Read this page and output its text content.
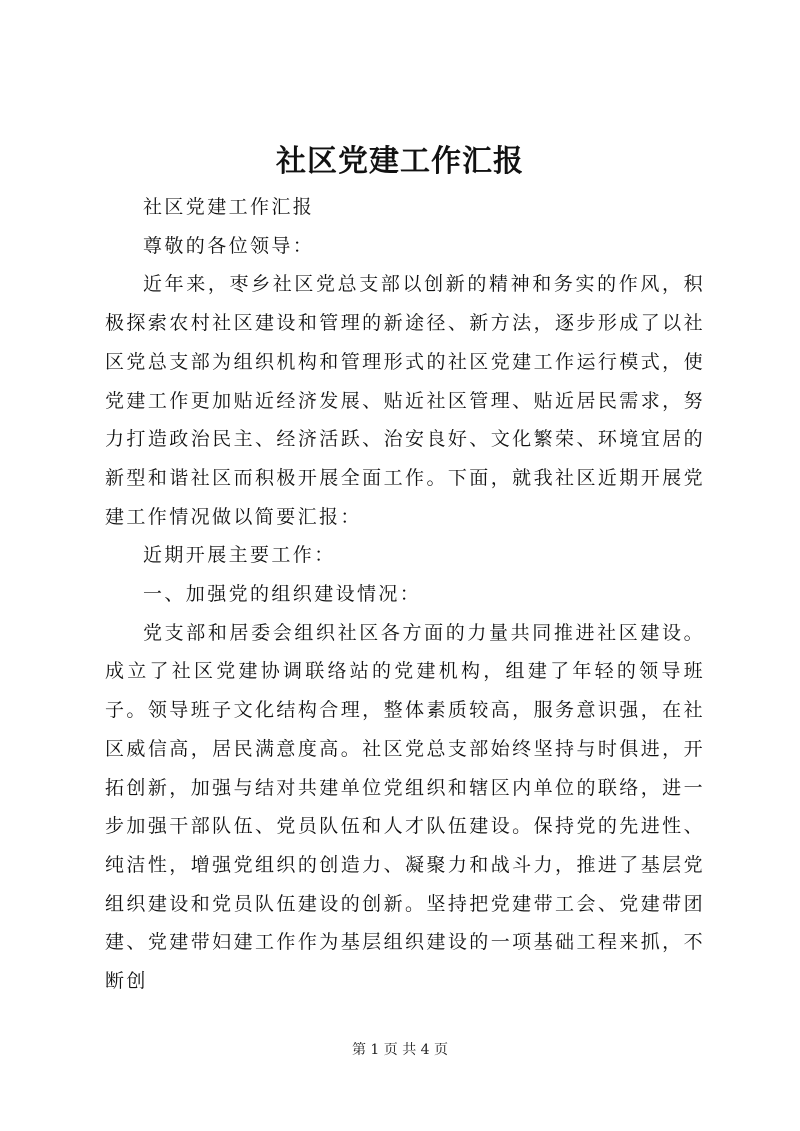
社区党建工作汇报

社区党建工作汇报

尊敬的各位领导：

近年来，枣乡社区党总支部以创新的精神和务实的作风，积极探索农村社区建设和管理的新途径、新方法，逐步形成了以社区党总支部为组织机构和管理形式的社区党建工作运行模式，使党建工作更加贴近经济发展、贴近社区管理、贴近居民需求，努力打造政治民主、经济活跃、治安良好、文化繁荣、环境宜居的新型和谐社区而积极开展全面工作。下面，就我社区近期开展党建工作情况做以简要汇报：

近期开展主要工作：

一、加强党的组织建设情况：

党支部和居委会组织社区各方面的力量共同推进社区建设。成立了社区党建协调联络站的党建机构，组建了年轻的领导班子。领导班子文化结构合理，整体素质较高，服务意识强，在社区威信高，居民满意度高。社区党总支部始终坚持与时俱进，开拓创新，加强与结对共建单位党组织和辖区内单位的联络，进一步加强干部队伍、党员队伍和人才队伍建设。保持党的先进性、纯洁性，增强党组织的创造力、凝聚力和战斗力，推进了基层党组织建设和党员队伍建设的创新。坚持把党建带工会、党建带团建、党建带妇建工作作为基层组织建设的一项基础工程来抓，不断创

第 1 页 共 4 页
